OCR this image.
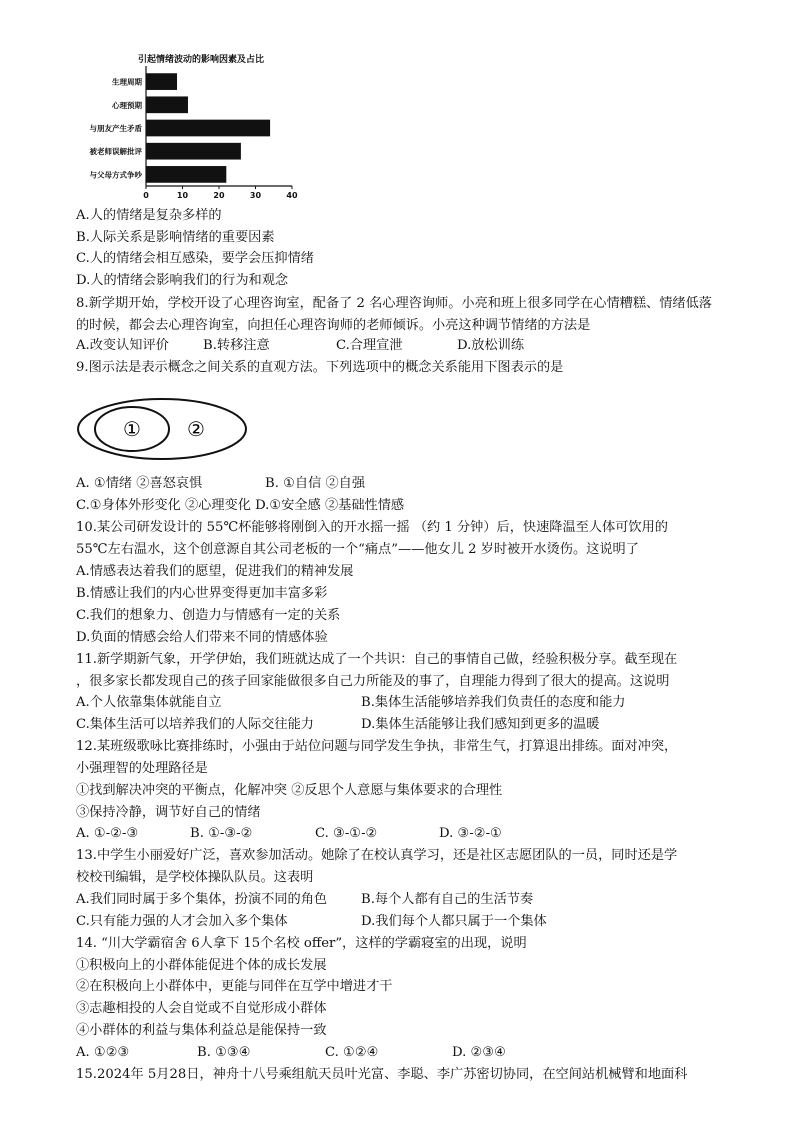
引起情绪波动的影响因素及占比
生理周期
心理预期
与朋友产生矛盾
被老师误解批评
与父母方式争吵
0	10	20	30	40
A.人的情绪是复杂多样的
B.人际关系是影响情绪的重要因素
C.人的情绪会相互感染，要学会压抑情绪
D.人的情绪会影响我们的行为和观念
8.新学期开始，学校开设了心理咨询室，配备了 2 名心理咨询师。小亮和班上很多同学在心情糟糕、情绪低落的时候，都会去心理咨询室，向担任心理咨询师的老师倾诉。小亮这种调节情绪的方法是
A.改变认知评价	B.转移注意	C.合理宣泄	D.放松训练
9.图示法是表示概念之间关系的直观方法。下列选项中的概念关系能用下图表示的是
① ②
A. ①情绪 ②喜怒哀惧	B. ①自信 ②自强
C.①身体外形变化 ②心理变化 D.①安全感 ②基础性情感
10.某公司研发设计的 55℃杯能够将刚倒入的开水摇一摇 （约 1 分钟）后，快速降温至人体可饮用的
55℃左右温水，这个创意源自其公司老板的一个“痛点”——他女儿 2 岁时被开水烫伤。这说明了
A.情感表达着我们的愿望，促进我们的精神发展
B.情感让我们的内心世界变得更加丰富多彩
C.我们的想象力、创造力与情感有一定的关系
D.负面的情感会给人们带来不同的情感体验
11.新学期新气象，开学伊始，我们班就达成了一个共识：自己的事情自己做，经验积极分享。截至现在
，很多家长都发现自己的孩子回家能做很多自己力所能及的事了，自理能力得到了很大的提高。这说明
A.个人依靠集体就能自立	B.集体生活能够培养我们负责任的态度和能力
C.集体生活可以培养我们的人际交往能力	D.集体生活能够让我们感知到更多的温暖
12.某班级歌咏比赛排练时，小强由于站位问题与同学发生争执，非常生气，打算退出排练。面对冲突，
小强理智的处理路径是
①找到解决冲突的平衡点，化解冲突 ②反思个人意愿与集体要求的合理性
③保持冷静，调节好自己的情绪
A. ①-②-③	B. ①-③-②	C. ③-①-②	D. ③-②-①
13.中学生小丽爱好广泛，喜欢参加活动。她除了在校认真学习，还是社区志愿团队的一员，同时还是学
校校刊编辑，是学校体操队队员。这表明
A.我们同时属于多个集体，扮演不同的角色	B.每个人都有自己的生活节奏
C.只有能力强的人才会加入多个集体	D.我们每个人都只属于一个集体
14. “川大学霸宿舍 6人拿下 15个名校 offer”，这样的学霸寝室的出现，说明
①积极向上的小群体能促进个体的成长发展
②在积极向上小群体中，更能与同伴在互学中增进才干
③志趣相投的人会自觉或不自觉形成小群体
④小群体的利益与集体利益总是能保持一致
A. ①②③	B. ①③④	C. ①②④	D. ②③④
15.2024年 5月28日，神舟十八号乘组航天员叶光富、李聪、李广苏密切协同，在空间站机械臂和地面科
